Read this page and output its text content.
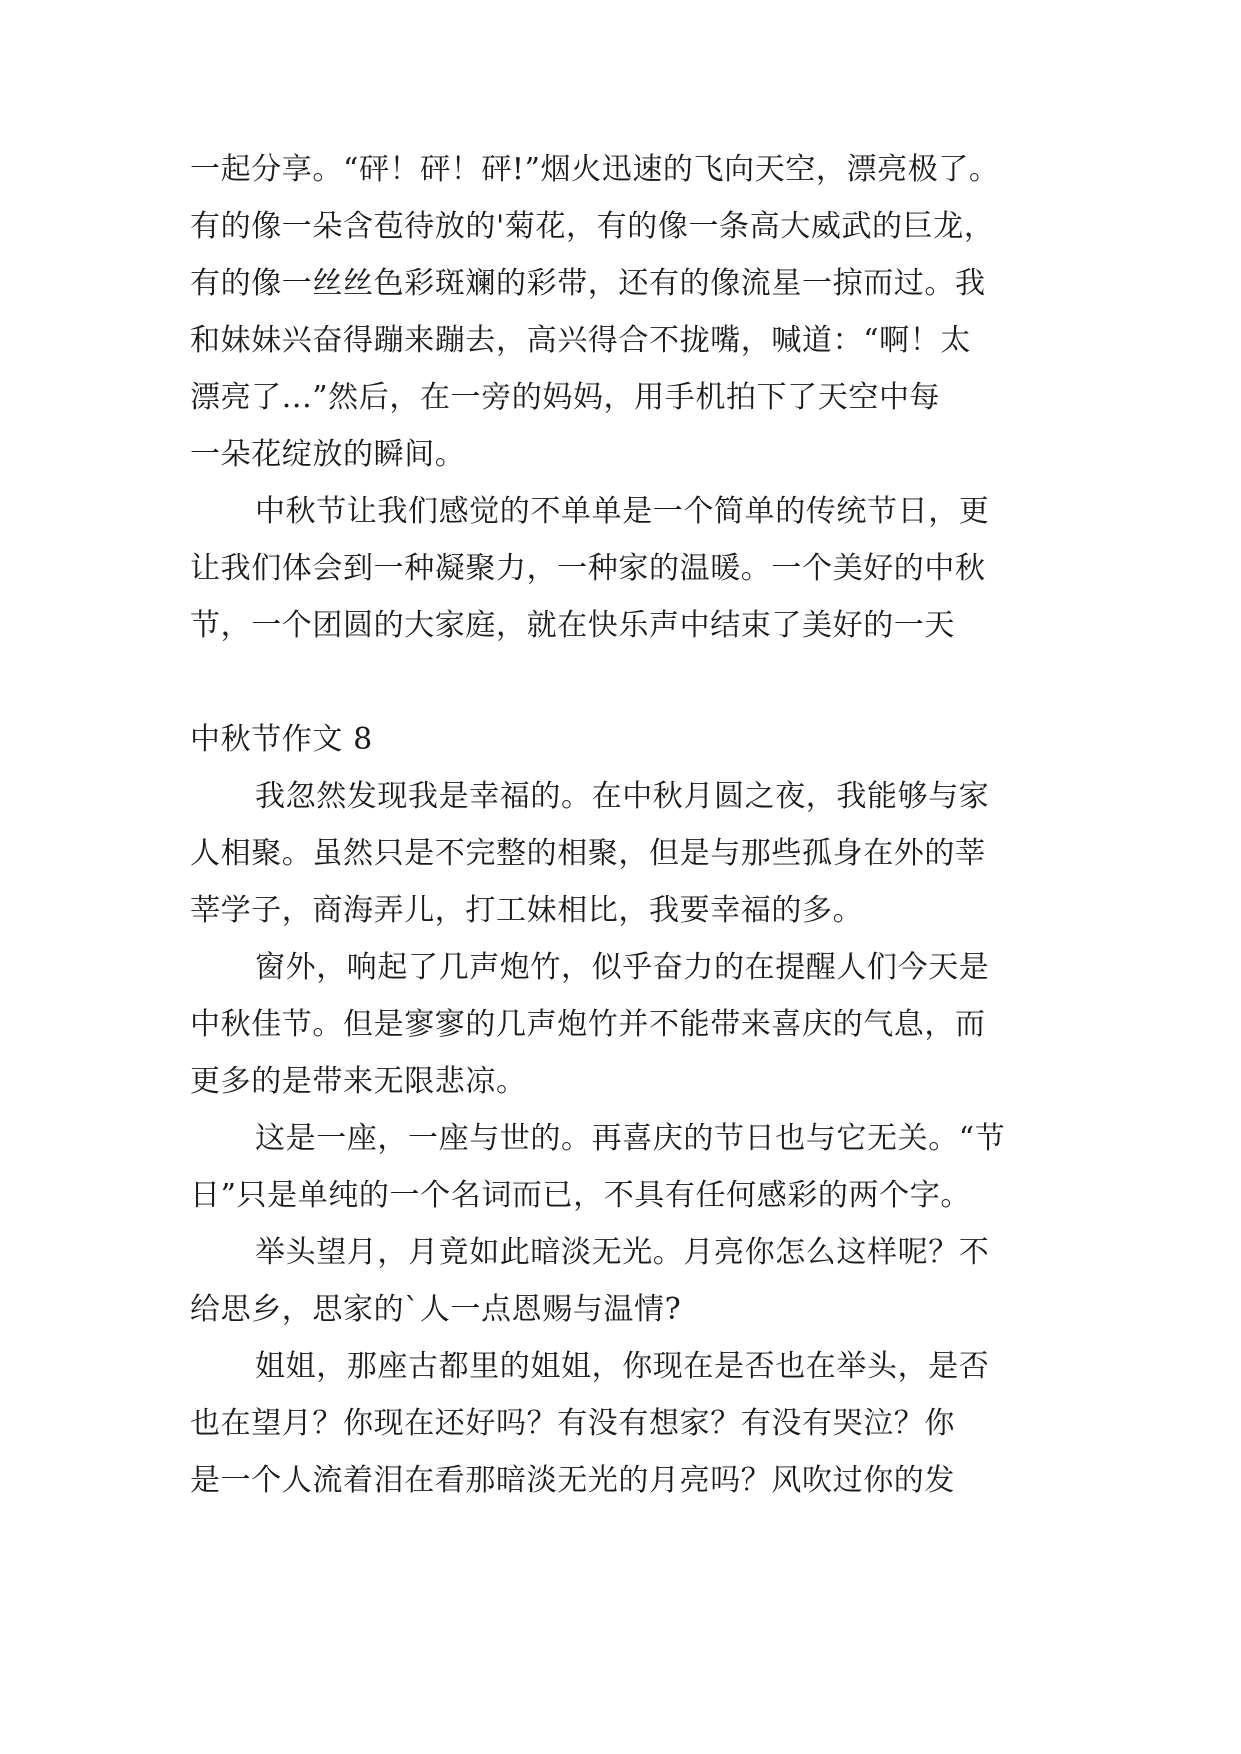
一起分享。“砰！砰！砰!”烟火迅速的飞向天空，漂亮极了。
有的像一朵含苞待放的'菊花，有的像一条高大威武的巨龙，
有的像一丝丝色彩斑斓的彩带，还有的像流星一掠而过。我
和妹妹兴奋得蹦来蹦去，高兴得合不拢嘴，喊道：“啊！太
漂亮了...”然后，在一旁的妈妈，用手机拍下了天空中每
一朵花绽放的瞬间。
中秋节让我们感觉的不单单是一个简单的传统节日，更
让我们体会到一种凝聚力，一种家的温暖。一个美好的中秋
节，一个团圆的大家庭，就在快乐声中结束了美好的一天
中秋节作文 8
我忽然发现我是幸福的。在中秋月圆之夜，我能够与家
人相聚。虽然只是不完整的相聚，但是与那些孤身在外的莘
莘学子，商海弄儿，打工妹相比，我要幸福的多。
窗外，响起了几声炮竹，似乎奋力的在提醒人们今天是
中秋佳节。但是寥寥的几声炮竹并不能带来喜庆的气息，而
更多的是带来无限悲凉。
这是一座，一座与世的。再喜庆的节日也与它无关。“节
日”只是单纯的一个名词而已，不具有任何感彩的两个字。
举头望月，月竟如此暗淡无光。月亮你怎么这样呢？不
给思乡，思家的`人一点恩赐与温情?
姐姐，那座古都里的姐姐，你现在是否也在举头，是否
也在望月？你现在还好吗？有没有想家？有没有哭泣？你
是一个人流着泪在看那暗淡无光的月亮吗？风吹过你的发
